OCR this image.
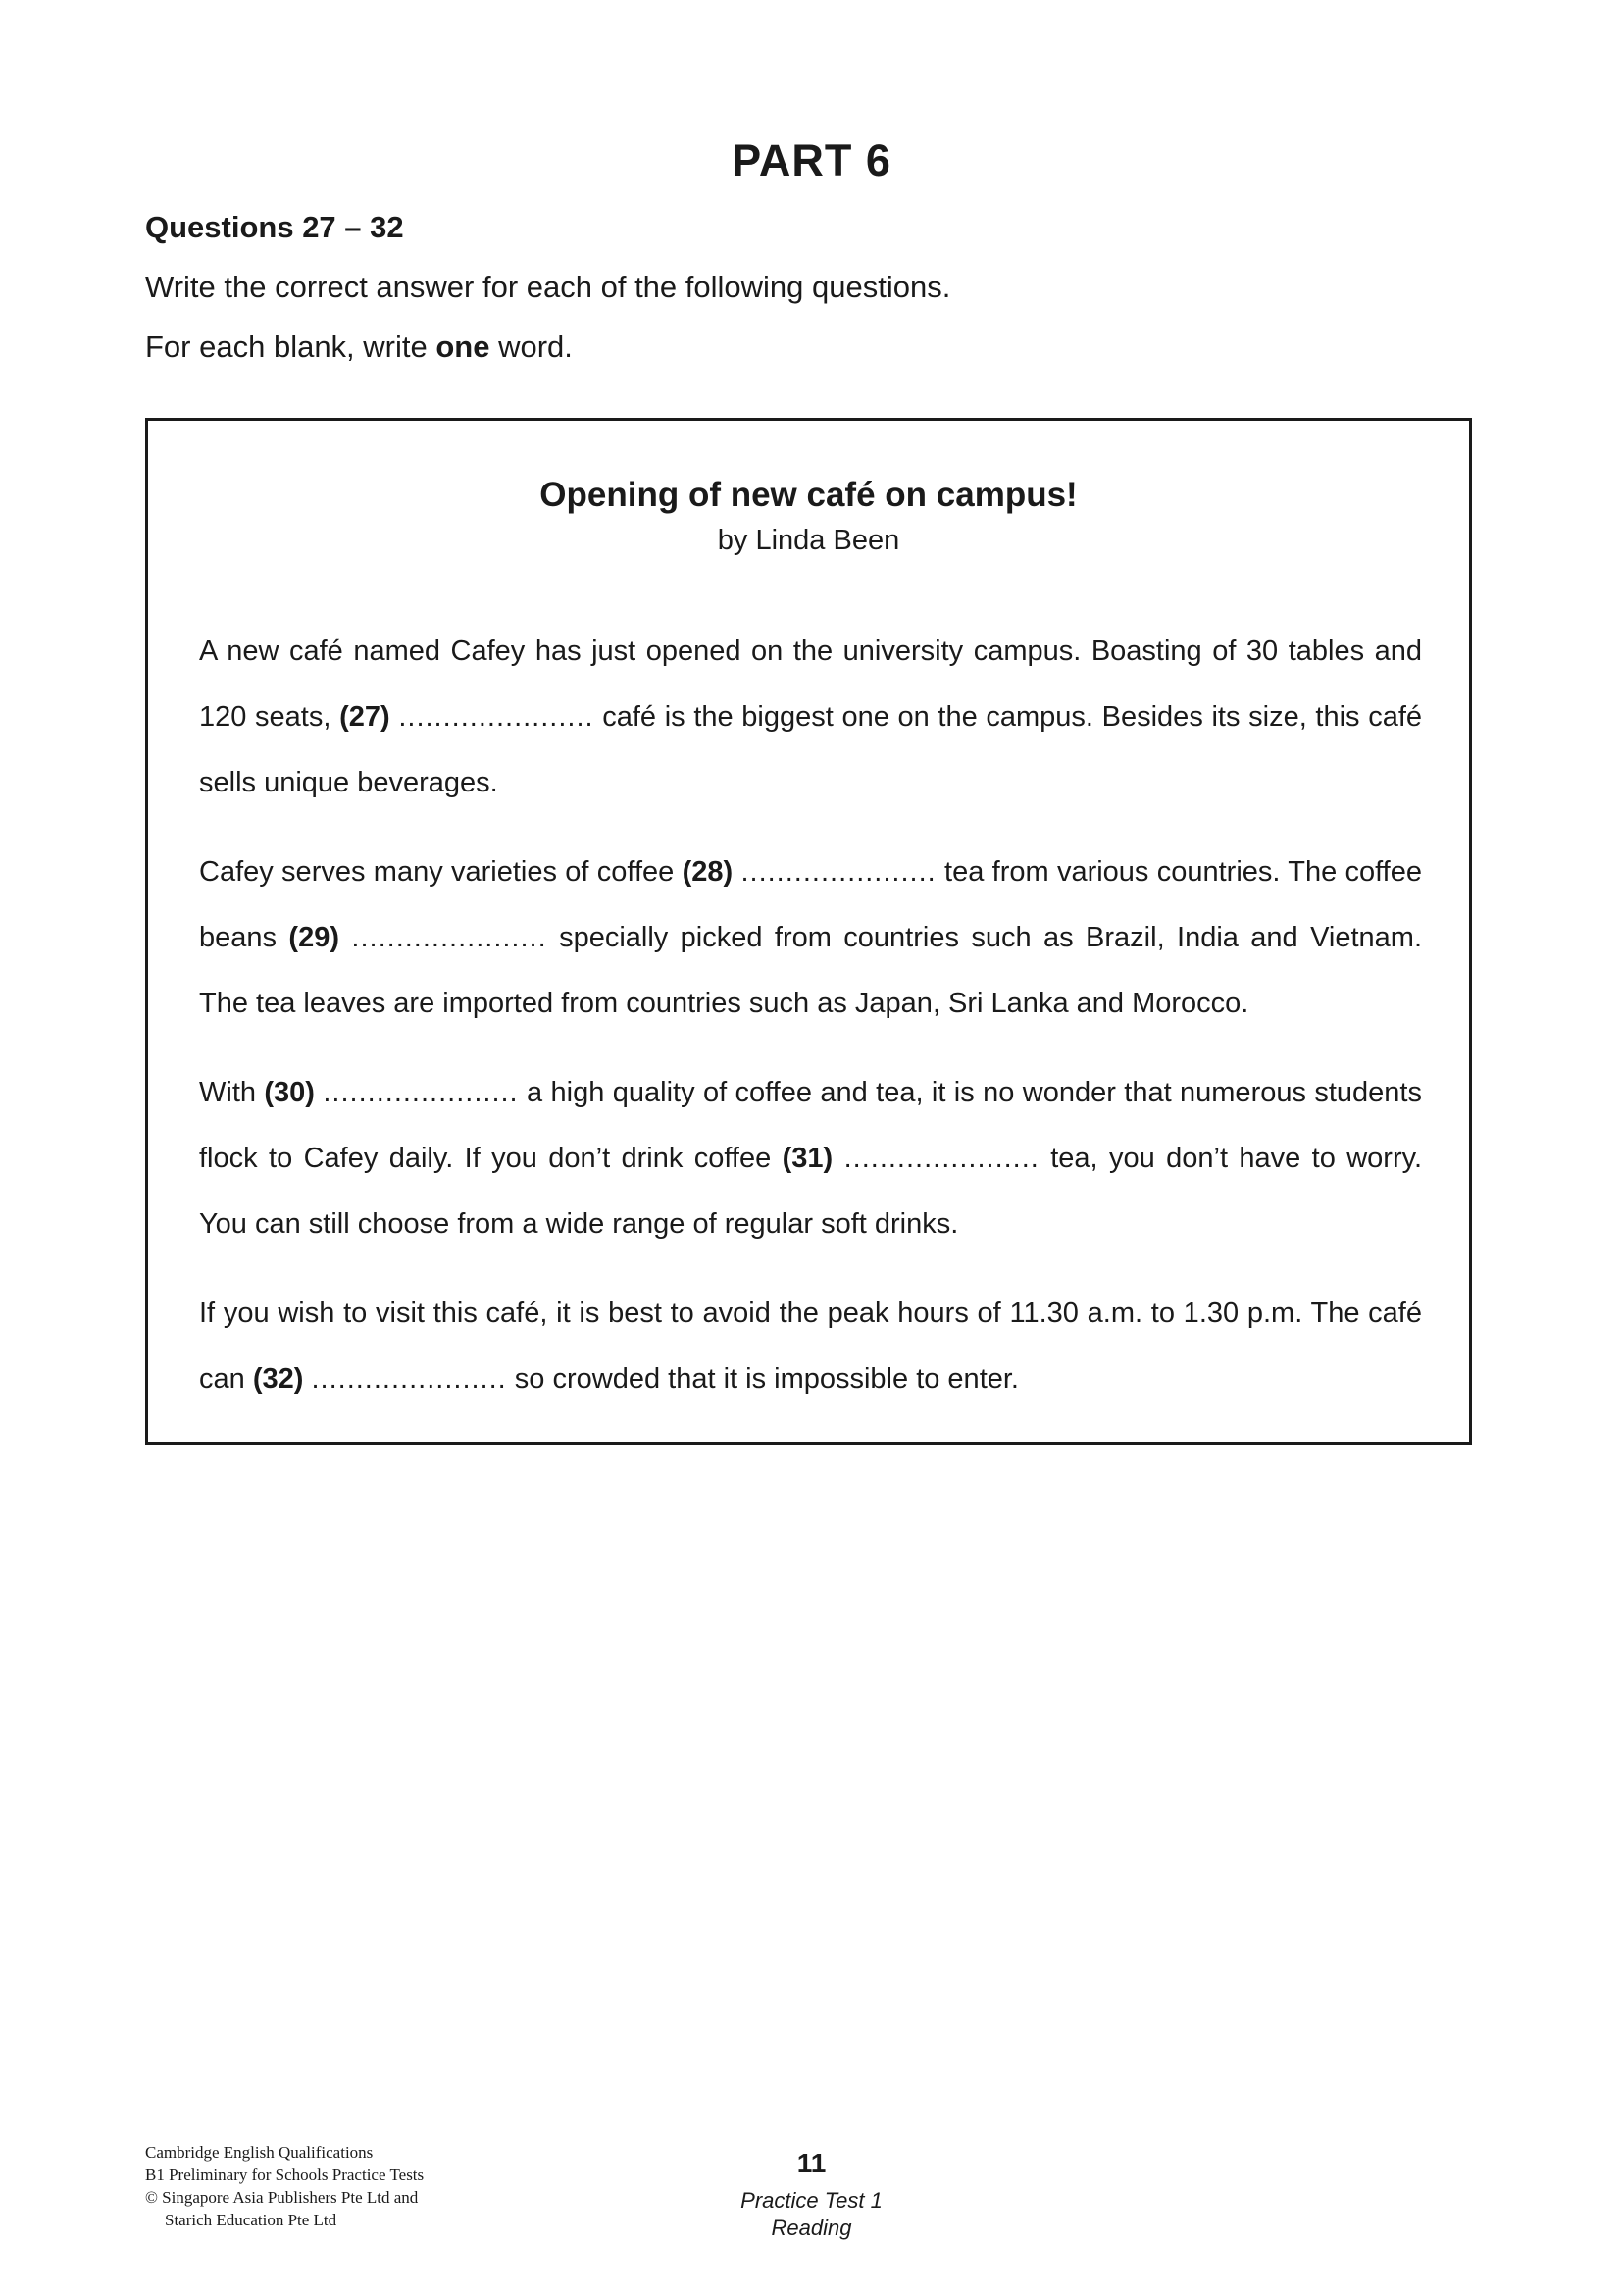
PART 6
Questions 27 – 32
Write the correct answer for each of the following questions.
For each blank, write one word.
Opening of new café on campus!
by Linda Been

A new café named Cafey has just opened on the university campus. Boasting of 30 tables and 120 seats, (27) ...................... café is the biggest one on the campus. Besides its size, this café sells unique beverages.

Cafey serves many varieties of coffee (28) ...................... tea from various countries. The coffee beans (29) ...................... specially picked from countries such as Brazil, India and Vietnam. The tea leaves are imported from countries such as Japan, Sri Lanka and Morocco.

With (30) ...................... a high quality of coffee and tea, it is no wonder that numerous students flock to Cafey daily. If you don’t drink coffee (31) ...................... tea, you don’t have to worry. You can still choose from a wide range of regular soft drinks.

If you wish to visit this café, it is best to avoid the peak hours of 11.30 a.m. to 1.30 p.m. The café can (32) ...................... so crowded that it is impossible to enter.

Cambridge English Qualifications
B1 Preliminary for Schools Practice Tests
© Singapore Asia Publishers Pte Ltd and
Starich Education Pte Ltd
11
Practice Test 1
Reading
